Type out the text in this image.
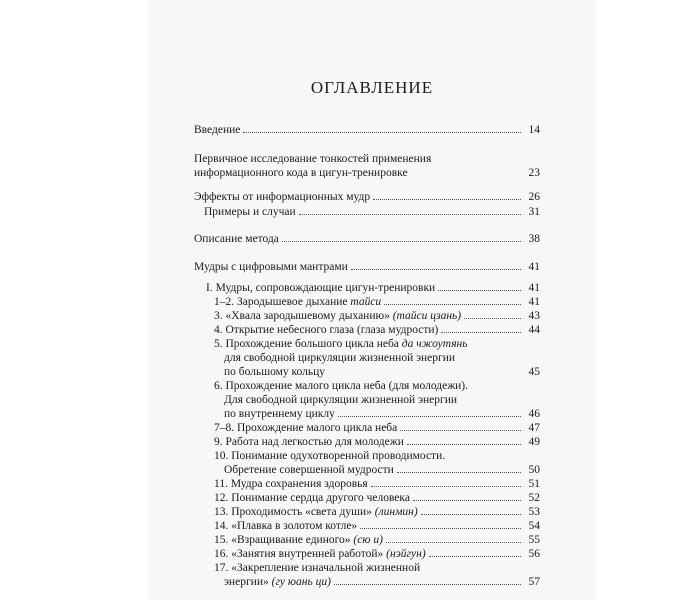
ОГЛАВЛЕНИЕ
Введение	14
Первичное исследование тонкостей применения
информационного кода в цигун-тренировке	23
Эффекты от информационных мудр	26
Примеры и случаи	31
Описание метода	38
Мудры с цифровыми мантрами	41
I. Мудры, сопровождающие цигун-тренировки	41
1–2. Зародышевое дыхание тайси	41
3. «Хвала зародышевому дыханию» (тайси цзань)	43
4. Открытие небесного глаза (глаза мудрости)	44
5. Прохождение большого цикла неба да чжоутянь
для свободной циркуляции жизненной энергии
по большому кольцу	45
6. Прохождение малого цикла неба (для молодежи).
Для свободной циркуляции жизненной энергии
по внутреннему циклу	46
7–8. Прохождение малого цикла неба	47
9. Работа над легкостью для молодежи	49
10. Понимание одухотворенной проводимости.
Обретение совершенной мудрости	50
11. Мудра сохранения здоровья	51
12. Понимание сердца другого человека	52
13. Проходимость «света души» (линмин)	53
14. «Плавка в золотом котле»	54
15. «Взращивание единого» (сю и)	55
16. «Занятия внутренней работой» (нэйгун)	56
17. «Закрепление изначальной жизненной
энергии» (гу юань ци)	57
